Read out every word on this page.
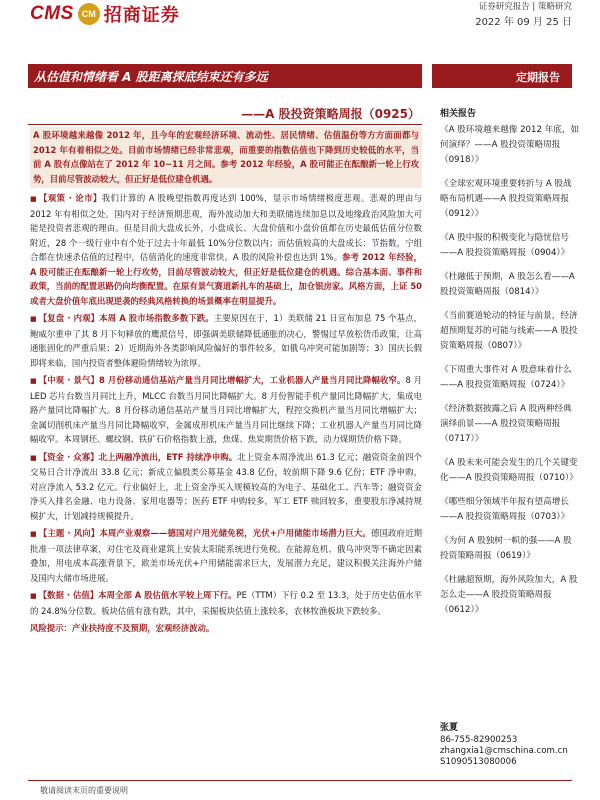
CMS CM 招商证券	证券研究报告 | 策略研究
2022 年 09 月 25 日
从估值和情绪看 A 股距离探底结束还有多远	定期报告
——A 股投资策略周报（0925）

A 股环境越来越像 2012 年，且今年的宏观经济环境、流动性、居民情绪、估值温份等方方面面都与 2012 年有着相似之处。目前市场情绪已经非常悲观，而重要的指数估值也下降到历史较低的水平，当前 A 股有点像站在了 2012 年 10~11 月之间。参考 2012 年经验，A 股可能正在酝酿新一轮上行攻势，目前尽管波动较大，但正好是低位建仓机遇。

■ 【观策 · 论市】我们计算的 A 股晚望指数再度达到 100%，显示市场情绪极度悲观。悲观的理由与 2012 年有相似之处。国内对于经济预期悲观，海外波动加大和美联储连续加息以及地缘政治风险加大可能是投资者悲观的理由。但是目前大盘成长外，小盘成长、大盘价值和小盘价值都在历史最低估值分位数附近，28 个一级行业中有个处于过去十年最低 10%分位数以内；而估值较高的大盘成长：节指数，宁组合都在快速杀估值的过程中，估值消化的速度非常快。A 股的风险补偿也达到 1%。参考 2012 年经验，A 股可能正在酝酿新一轮上行攻势，目前尽管波动较大，但正好是低位建仓的机遇。综合基本面、事件和政策，当前的配置思路仍向均衡配置。在原有景气赛道新扎车的基础上，加仓银房家。风格方面，上证 50 或者大盘价值年底出现逆袭的经典风格转换的场景概率在明显提升。

■ 【复盘 · 内观】本周 A 股市场指数多数下跌。主要原因在于，1）美联储 21 日宣布加息 75 个基点，鲍威尔重申了其 8 月下旬释放的鹰派信号，即强调美联储降低通胀的决心，警惕过早放松货币政策，让高通胀固化的严重后果；2）近期海外各类影响风险偏好的事件较多，如俄乌冲突可能加剧等；3）国庆长假即将来临，国内投资者整体避险情绪较为浓厚。

■ 【中观 · 景气】8 月份移动通信基站产量当月同比增幅扩大，工业机器人产量当月同比降幅收窄。8 月 LED 芯片台数当月同比上升，MLCC 台数当月同比降幅扩大。8 月份智能手机产量同比降幅扩大，集成电路产量同比降幅扩大。8 月份移动通信基站产量当月同比增幅扩大，程控交换机产量当月同比增幅扩大；金属切削机床产量当月同比降幅收窄，金属成形机床产量当月同比继续下降；工业机器人产量当月同比降幅收窄。本周钢坯、螺纹钢、铁矿石价格指数上涨，焦煤、焦炭期货价格下跌，动力煤期货价格下降。

■ 【资金 · 众寡】北上两融净流出，ETF 持续净申购。北上资金本周净流出 61.3 亿元；融资资金前四个交易日合计净流出 33.8 亿元；新成立偏股类公募基金 43.8 亿份，较前期下降 9.6 亿份；ETF 净申购，对应净流入 53.2 亿元。行业偏好上，北上资金净买入规模较高的为电子、基础化工、汽车等；融资资金净买入排名金融、电力设备、家用电器等；医药 ETF 申购较多，军工 ETF 赎回较多，重要股东净减持规模扩大，计划减持规模提升。

■ 【主题 · 风向】本周产业观察——德国对户用光储免税，光伏+户用储能市场潜力巨大。德国政府近期批准一项法律草案，对住宅及商业建筑上安装太阳能系统进行免税。在能源危机、俄乌冲突等不确定因素叠加，用电成本高涨背景下，欧美市场光伏+户用储能需求巨大，发展潜力充足，建议积极关注海外户储及国内大储市场进展。

■ 【数据 · 估值】本周全部 A 股估值水平较上周下行。PE（TTM）下行 0.2 至 13.3，处于历史估值水平的 24.8%分位数。板块估值有涨有跌，其中，采掘板块估值上涨较多，农林牧渔板块下跌较多。

风险提示：产业扶持度不及预期，宏观经济波动。

相关报告
《A 股环境越来越像 2012 年底，如何演绎？——A 股投资策略周报（0918）》
《全球宏观环境重要转折与 A 股战略布局机遇——A 股投资策略周报（0912）》
《A 股中报的积极变化与隐忧信号——A 股投资策略周报（0904）》
《杜融低于预期，A 股怎么看——A 股投资策略周报（0814）》
《当前赛道轮动的特征与前景，经济超预期复苏的可能与线索——A 股投资策略周报（0807）》
《下周重大事件对 A 股意味着什么——A 股投资策略周报（0724）》
《经济数据披露之后 A 股两种经典演绎前景——A 股投资策略周报（0717）》
《A 股未来可能会发生的几个关键变化——A 股投资策略周报（0710）》
《哪些细分领域半年报有望高增长——A 股投资策略周报（0703）》
《为何 A 股独树一帜的强——A 股投资策略周报（0619）》
《杜融超预期，海外风险加大，A 股怎么走——A 股投资策略周报（0612）》
张夏
86-755-82900253
zhangxia1@cmschina.com.cn
S1090513080006
敬请阅读末页的重要说明
